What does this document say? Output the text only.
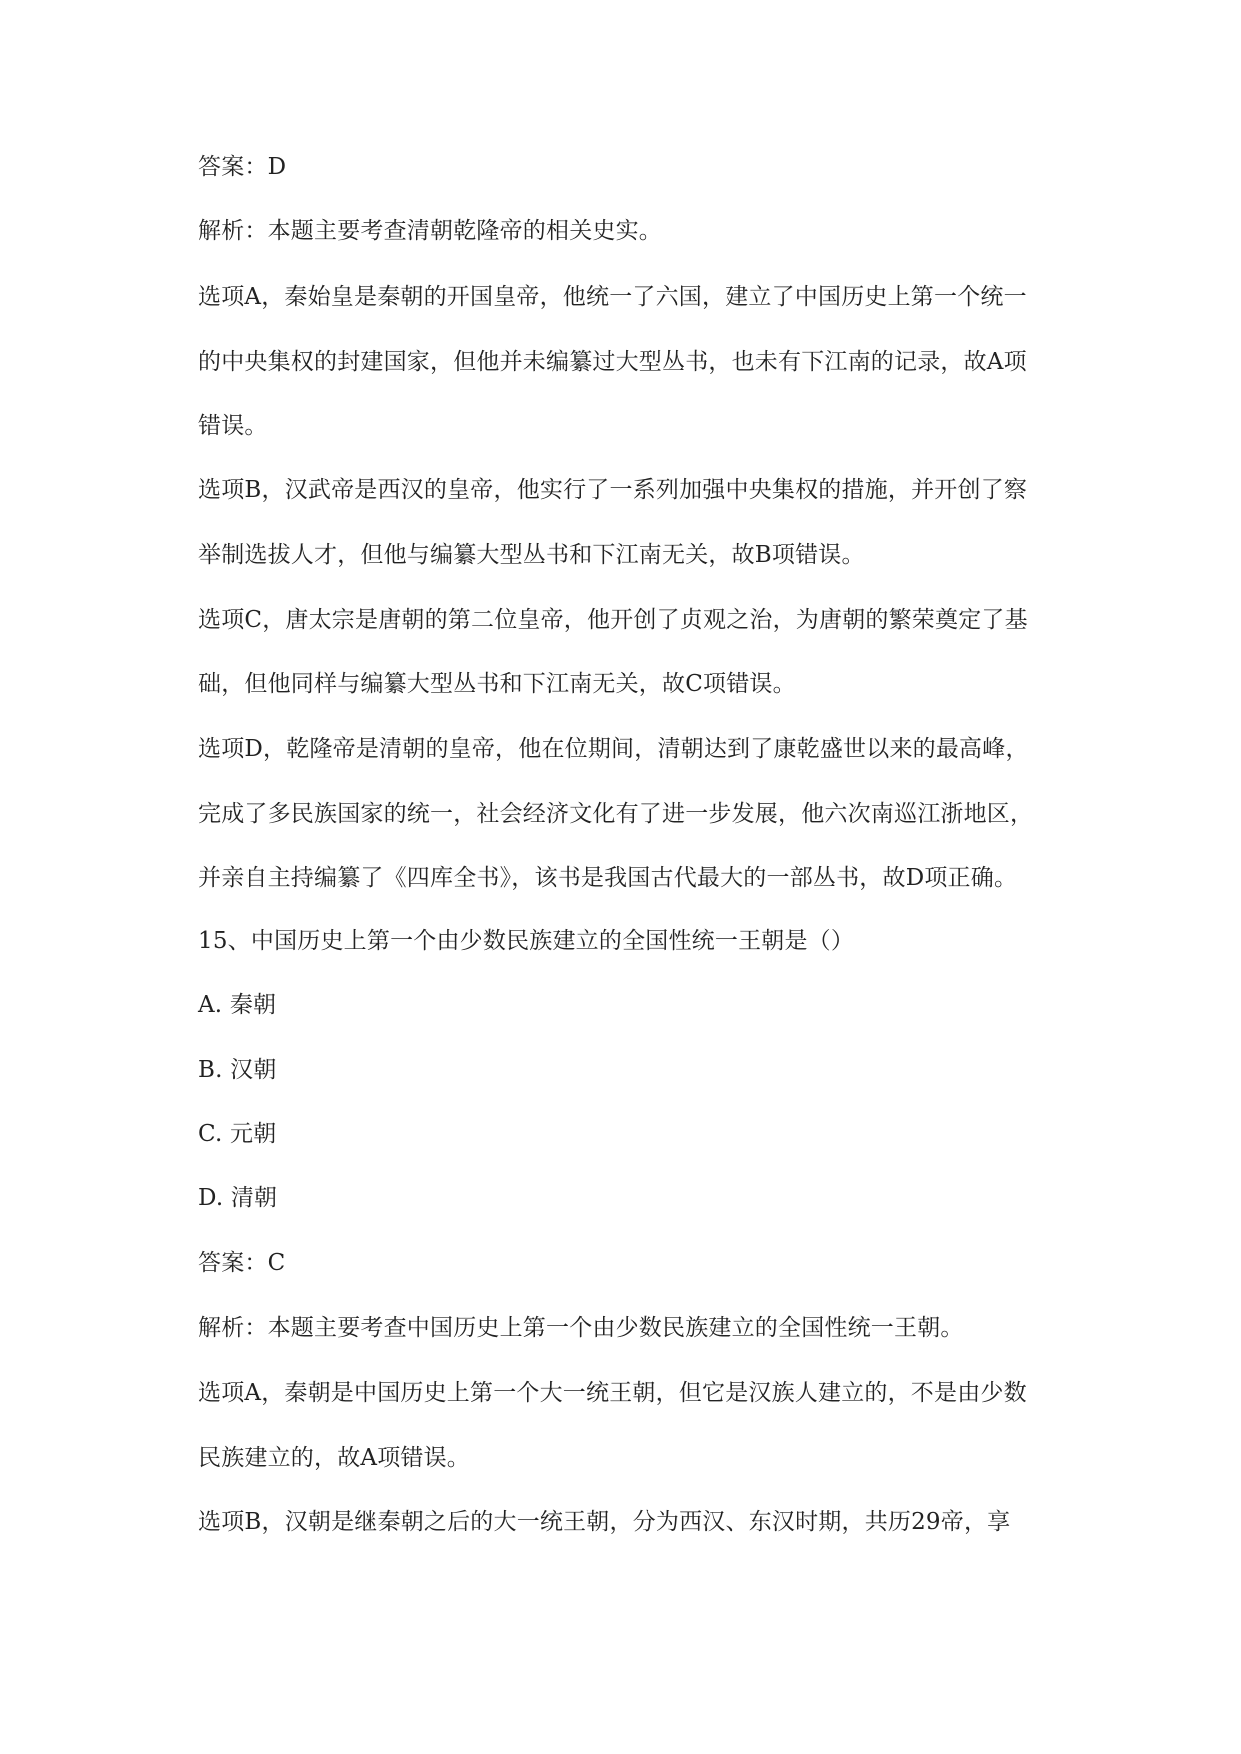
答案：D
解析：本题主要考查清朝乾隆帝的相关史实。
选项A，秦始皇是秦朝的开国皇帝，他统一了六国，建立了中国历史上第一个统一
的中央集权的封建国家，但他并未编纂过大型丛书，也未有下江南的记录，故A项
错误。
选项B，汉武帝是西汉的皇帝，他实行了一系列加强中央集权的措施，并开创了察
举制选拔人才，但他与编纂大型丛书和下江南无关，故B项错误。
选项C，唐太宗是唐朝的第二位皇帝，他开创了贞观之治，为唐朝的繁荣奠定了基
础，但他同样与编纂大型丛书和下江南无关，故C项错误。
选项D，乾隆帝是清朝的皇帝，他在位期间，清朝达到了康乾盛世以来的最高峰，
完成了多民族国家的统一，社会经济文化有了进一步发展，他六次南巡江浙地区，
并亲自主持编纂了《四库全书》，该书是我国古代最大的一部丛书，故D项正确。
15、中国历史上第一个由少数民族建立的全国性统一王朝是（）
A. 秦朝
B. 汉朝
C. 元朝
D. 清朝
答案：C
解析：本题主要考查中国历史上第一个由少数民族建立的全国性统一王朝。
选项A，秦朝是中国历史上第一个大一统王朝，但它是汉族人建立的，不是由少数
民族建立的，故A项错误。
选项B，汉朝是继秦朝之后的大一统王朝，分为西汉、东汉时期，共历29帝，享
